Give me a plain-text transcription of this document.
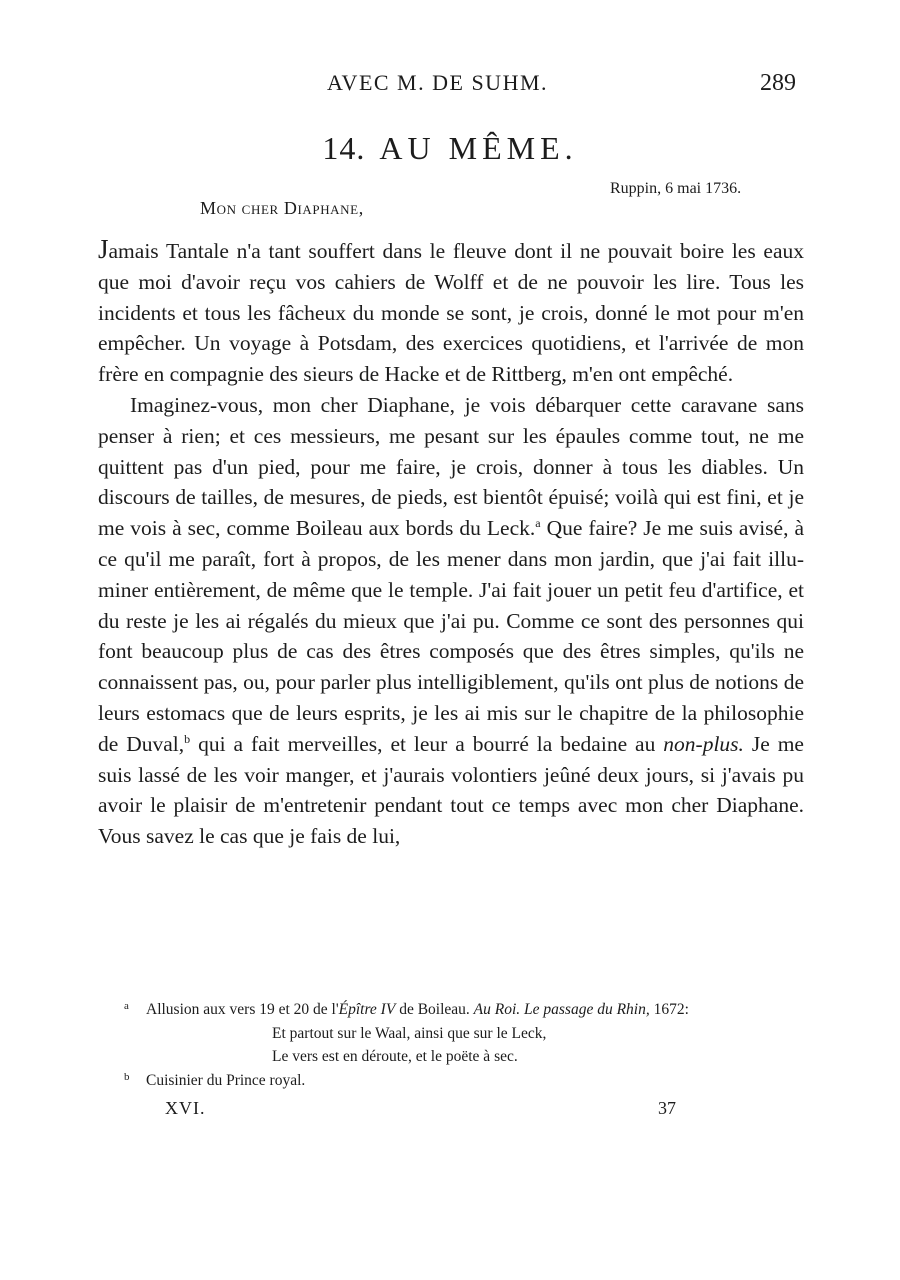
AVEC M. DE SUHM.	289
14. AU MÊME.
Ruppin, 6 mai 1736.
Mon cher Diaphane,

Jamais Tantale n'a tant souffert dans le fleuve dont il ne pouvait boire les eaux que moi d'avoir reçu vos cahiers de Wolff et de ne pouvoir les lire. Tous les incidents et tous les fâcheux du monde se sont, je crois, donné le mot pour m'en empêcher. Un voyage à Potsdam, des exercices quotidiens, et l'arrivée de mon frère en compagnie des sieurs de Hacke et de Rittberg, m'en ont empêché.

Imaginez-vous, mon cher Diaphane, je vois débarquer cette caravane sans penser à rien; et ces messieurs, me pesant sur les épaules comme tout, ne me quittent pas d'un pied, pour me faire, je crois, donner à tous les diables. Un discours de tailles, de mesures, de pieds, est bientôt épuisé; voilà qui est fini, et je me vois à sec, comme Boileau aux bords du Leck.$^a$ Que faire? Je me suis avisé, à ce qu'il me paraît, fort à propos, de les mener dans mon jardin, que j'ai fait illuminer entièrement, de même que le temple. J'ai fait jouer un petit feu d'artifice, et du reste je les ai régalés du mieux que j'ai pu. Comme ce sont des personnes qui font beaucoup plus de cas des êtres composés que des êtres simples, qu'ils ne connaissent pas, ou, pour parler plus intelligiblement, qu'ils ont plus de notions de leurs estomacs que de leurs esprits, je les ai mis sur le chapitre de la philosophie de Duval,$^b$ qui a fait merveilles, et leur a bourré la bedaine au non-plus. Je me suis lassé de les voir manger, et j'aurais volontiers jeûné deux jours, si j'avais pu avoir le plaisir de m'entretenir pendant tout ce temps avec mon cher Diaphane. Vous savez le cas que je fais de lui,

a Allusion aux vers 19 et 20 de l'Épître IV de Boileau. Au Roi. Le passage du Rhin, 1672:
Et partout sur le Waal, ainsi que sur le Leck,
Le vers est en déroute, et le poëte à sec.
b Cuisinier du Prince royal.
XVI.	37
